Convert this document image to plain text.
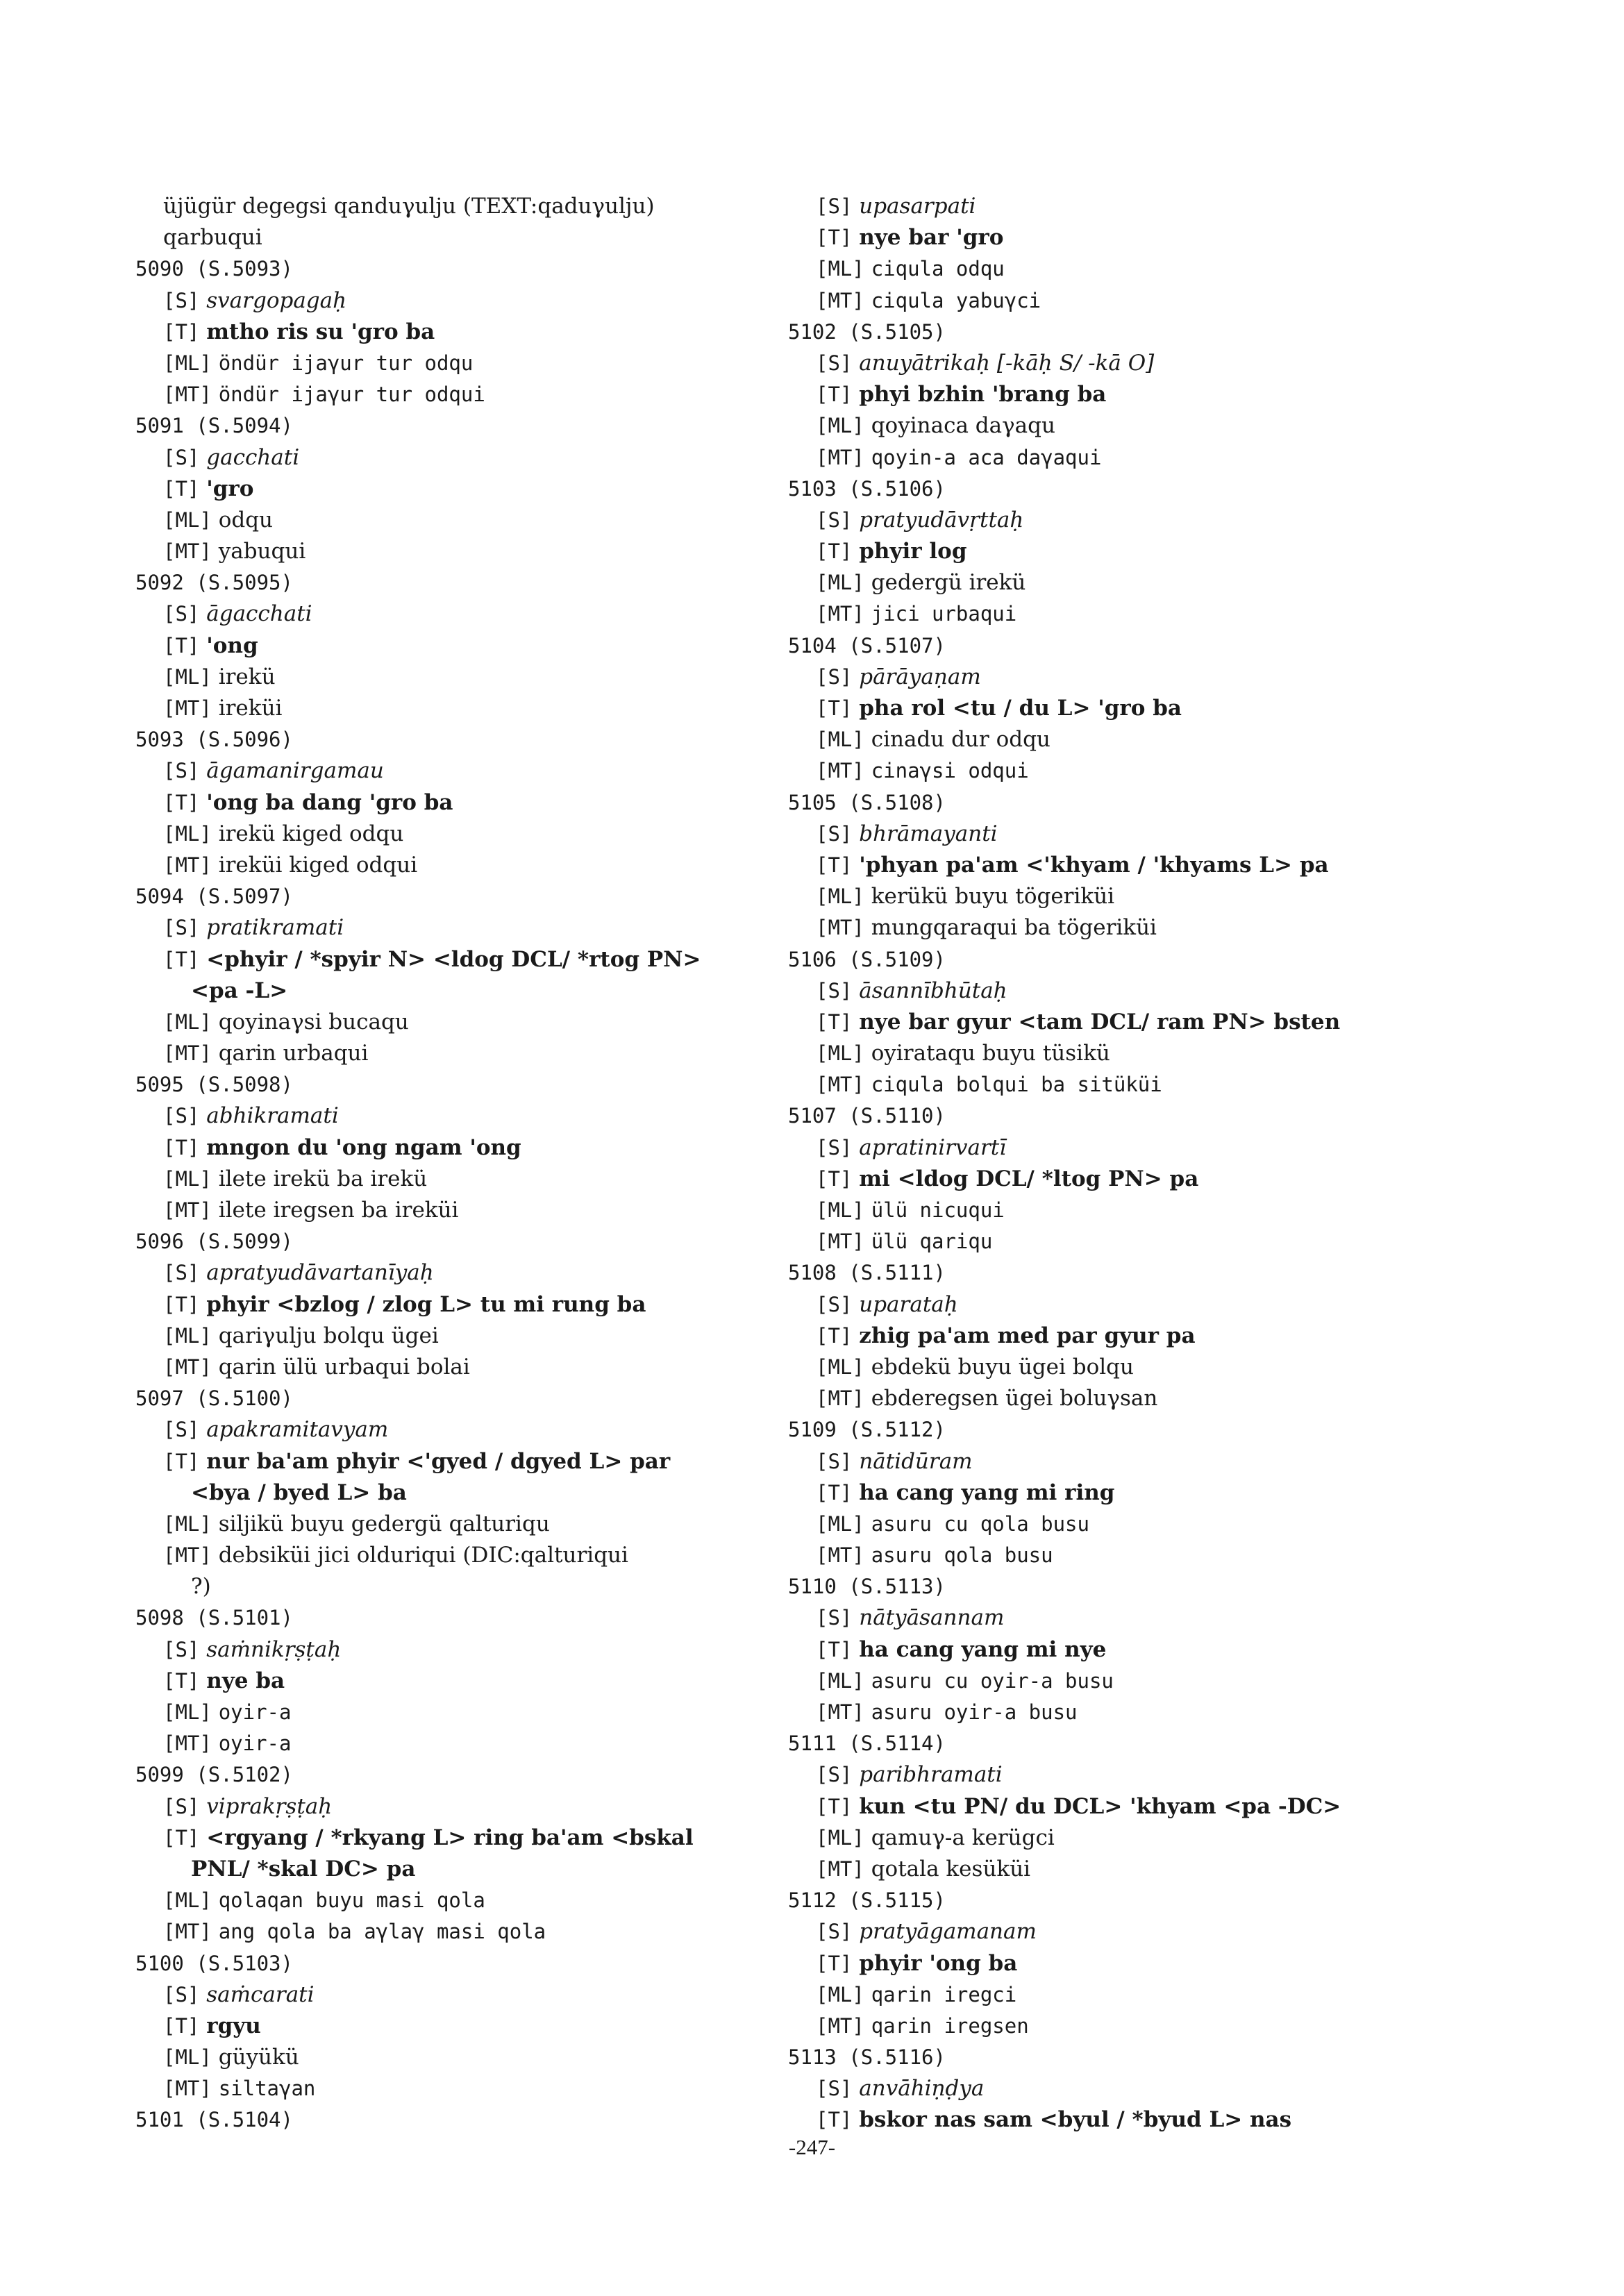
üjügür degegsi qanduγulju (TEXT:qaduγulju)
qarbuqui
5090 (S.5093)
[S] svargopagaḥ
[T] mtho ris su 'gro ba
[ML] öndür ijaγur tur odqu
[MT] öndür ijaγur tur odqui
5091 (S.5094)
[S] gacchati
[T] 'gro
[ML] odqu
[MT] yabuqui
5092 (S.5095)
[S] āgacchati
[T] 'ong
[ML] irekü
[MT] ireküi
5093 (S.5096)
[S] āgamanirgamau
[T] 'ong ba dang 'gro ba
[ML] irekü kiged odqu
[MT] ireküi kiged odqui
5094 (S.5097)
[S] pratikramati
[T] <phyir / *spyir N> <ldog DCL/ *rtog PN>
<pa -L>
[ML] qoyinaγsi bucaqu
[MT] qarin urbaqui
5095 (S.5098)
[S] abhikramati
[T] mngon du 'ong ngam 'ong
[ML] ilete irekü ba irekü
[MT] ilete iregsen ba ireküi
5096 (S.5099)
[S] apratyudāvartanīyaḥ
[T] phyir <bzlog / zlog L> tu mi rung ba
[ML] qariγulju bolqu ügei
[MT] qarin ülü urbaqui bolai
5097 (S.5100)
[S] apakramitavyam
[T] nur ba'am phyir <'gyed / dgyed L> par
<bya / byed L> ba
[ML] siljikü buyu gedergü qalturiqu
[MT] debsiküi jici olduriqui (DIC:qalturiqui
?)
5098 (S.5101)
[S] saṁnikṛṣṭaḥ
[T] nye ba
[ML] oyir-a
[MT] oyir-a
5099 (S.5102)
[S] viprakṛṣṭaḥ
[T] <rgyang / *rkyang L> ring ba'am <bskal
PNL/ *skal DC> pa
[ML] qolaqan buyu masi qola
[MT] ang qola ba aγlaγ masi qola
5100 (S.5103)
[S] saṁcarati
[T] rgyu
[ML] güyükü
[MT] siltaγan
5101 (S.5104)
[S] upasarpati
[T] nye bar 'gro
[ML] ciqula odqu
[MT] ciqula yabuγci
5102 (S.5105)
[S] anuyātrikaḥ [-kāḥ S/ -kā O]
[T] phyi bzhin 'brang ba
[ML] qoyinaca daγaqu
[MT] qoyin-a aca daγaqui
5103 (S.5106)
[S] pratyudāvṛttaḥ
[T] phyir log
[ML] gedergü irekü
[MT] jici urbaqui
5104 (S.5107)
[S] pārāyaṇam
[T] pha rol <tu / du L> 'gro ba
[ML] cinadu dur odqu
[MT] cinaγsi odqui
5105 (S.5108)
[S] bhrāmayanti
[T] 'phyan pa'am <'khyam / 'khyams L> pa
[ML] kerükü buyu tögeriküi
[MT] mungqaraqui ba tögeriküi
5106 (S.5109)
[S] āsannībhūtaḥ
[T] nye bar gyur <tam DCL/ ram PN> bsten
[ML] oyirataqu buyu tüsikü
[MT] ciqula bolqui ba sitüküi
5107 (S.5110)
[S] apratinirvartī
[T] mi <ldog DCL/ *ltog PN> pa
[ML] ülü nicuqui
[MT] ülü qariqu
5108 (S.5111)
[S] uparataḥ
[T] zhig pa'am med par gyur pa
[ML] ebdekü buyu ügei bolqu
[MT] ebderegsen ügei boluγsan
5109 (S.5112)
[S] nātidūram
[T] ha cang yang mi ring
[ML] asuru cu qola busu
[MT] asuru qola busu
5110 (S.5113)
[S] nātyāsannam
[T] ha cang yang mi nye
[ML] asuru cu oyir-a busu
[MT] asuru oyir-a busu
5111 (S.5114)
[S] paribhramati
[T] kun <tu PN/ du DCL> 'khyam <pa -DC>
[ML] qamuγ-a kerügci
[MT] qotala kesüküi
5112 (S.5115)
[S] pratyāgamanam
[T] phyir 'ong ba
[ML] qarin iregci
[MT] qarin iregsen
5113 (S.5116)
[S] anvāhiṇḍya
[T] bskor nas sam <byul / *byud L> nas
-247-
